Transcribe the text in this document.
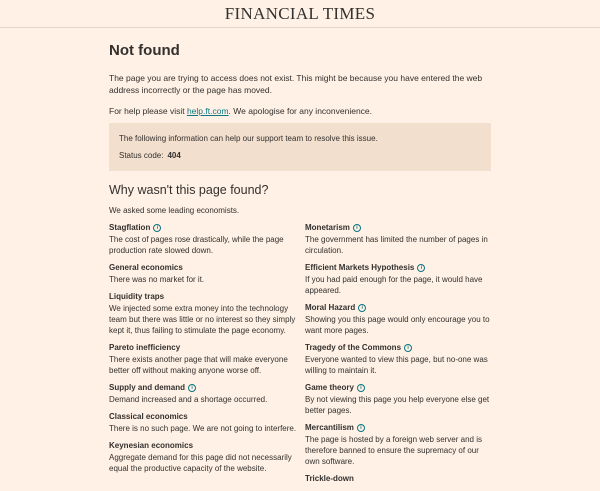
FINANCIAL TIMES
Not found

The page you are trying to access does not exist. This might be because you have entered the web address incorrectly or the page has moved.

For help please visit help.ft.com. We apologise for any inconvenience.

The following information can help our support team to resolve this issue.
Status code: 404
Why wasn't this page found?
We asked some leading economists.
Stagflation	i
The cost of pages rose drastically, while the page production rate slowed down.
General economics
There was no market for it.
Liquidity traps
We injected some extra money into the technology team but there was little or no interest so they simply kept it, thus failing to stimulate the page economy.
Pareto inefficiency
There exists another page that will make everyone better off without making anyone worse off.
Supply and demand	i
Demand increased and a shortage occurred.
Classical economics
There is no such page. We are not going to interfere.
Keynesian economics
Aggregate demand for this page did not necessarily equal the productive capacity of the website.
Monetarism	i
The government has limited the number of pages in circulation.
Efficient Markets Hypothesis	i
If you had paid enough for the page, it would have appeared.
Moral Hazard	i
Showing you this page would only encourage you to want more pages.
Tragedy of the Commons	i
Everyone wanted to view this page, but no-one was willing to maintain it.
Game theory	i
By not viewing this page you help everyone else get better pages.
Mercantilism	i
The page is hosted by a foreign web server and is therefore banned to ensure the supremacy of our own software.
Trickle-down
